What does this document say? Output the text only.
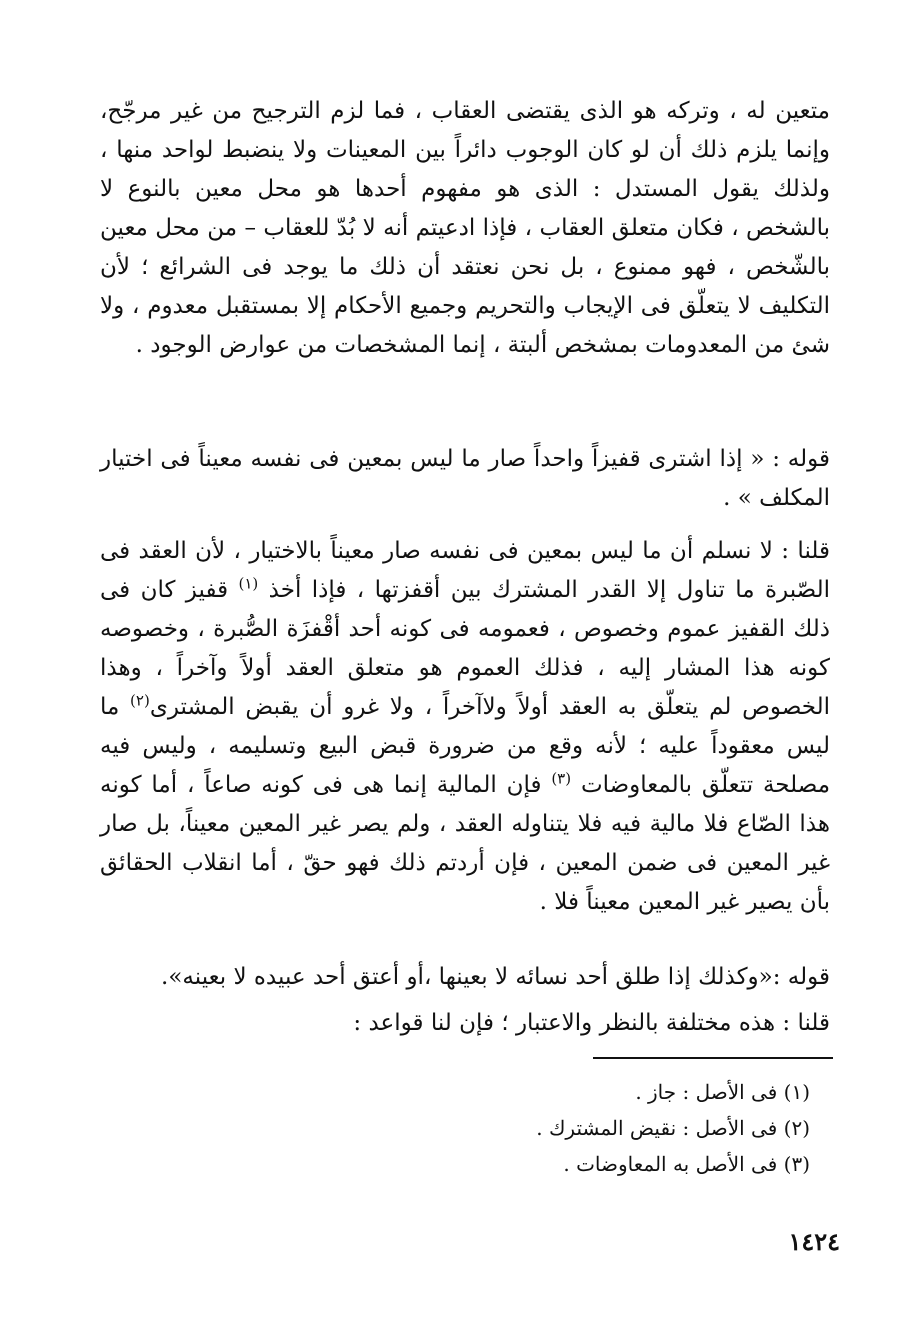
متعين له ، وتركه هو الذى يقتضى العقاب ، فما لزم الترجيح من غير مرجّح، وإنما يلزم ذلك أن لو كان الوجوب دائراً بين المعينات ولا ينضبط لواحد منها ، ولذلك يقول المستدل : الذى هو مفهوم أحدها هو محل معين بالنوع لا بالشخص ، فكان متعلق العقاب ، فإذا ادعيتم أنه لا بُدّ للعقاب – من محل معين بالشّخص ، فهو ممنوع ، بل نحن نعتقد أن ذلك ما يوجد فى الشرائع ؛ لأن التكليف لا يتعلّق فى الإيجاب والتحريم وجميع الأحكام إلا بمستقبل معدوم ، ولا شئ من المعدومات بمشخص ألبتة ، إنما المشخصات من عوارض الوجود .
قوله : « إذا اشترى قفيزاً واحداً صار ما ليس بمعين فى نفسه معيناً فى اختيار المكلف » .
قلنا : لا نسلم أن ما ليس بمعين فى نفسه صار معيناً بالاختيار ، لأن العقد فى الصّبرة ما تناول إلا القدر المشترك بين أقفزتها ، فإذا أخذ $^{(١)}$ قفيز كان فى ذلك القفيز عموم وخصوص ، فعمومه فى كونه أحد أقْفزَة الصُّبرة ، وخصوصه كونه هذا المشار إليه ، فذلك العموم هو متعلق العقد أولاً وآخراً ، وهذا الخصوص لم يتعلّق به العقد أولاً ولاآخراً ، ولا غرو أن يقبض المشترى$^{(٢)}$ ما ليس معقوداً عليه ؛ لأنه وقع من ضرورة قبض البيع وتسليمه ، وليس فيه مصلحة تتعلّق بالمعاوضات $^{(٣)}$ فإن المالية إنما هى فى كونه صاعاً ، أما كونه هذا الصّاع فلا مالية فيه فلا يتناوله العقد ، ولم يصر غير المعين معيناً، بل صار غير المعين فى ضمن المعين ، فإن أردتم ذلك فهو حقّ ، أما انقلاب الحقائق بأن يصير غير المعين معيناً فلا .
قوله :«وكذلك إذا طلق أحد نسائه لا بعينها ،أو أعتق أحد عبيده لا بعينه».
قلنا : هذه مختلفة بالنظر والاعتبار ؛ فإن لنا قواعد :
(١) فى الأصل : جاز .
(٢) فى الأصل : نقيض المشترك .
(٣) فى الأصل به المعاوضات .
١٤٢٤
